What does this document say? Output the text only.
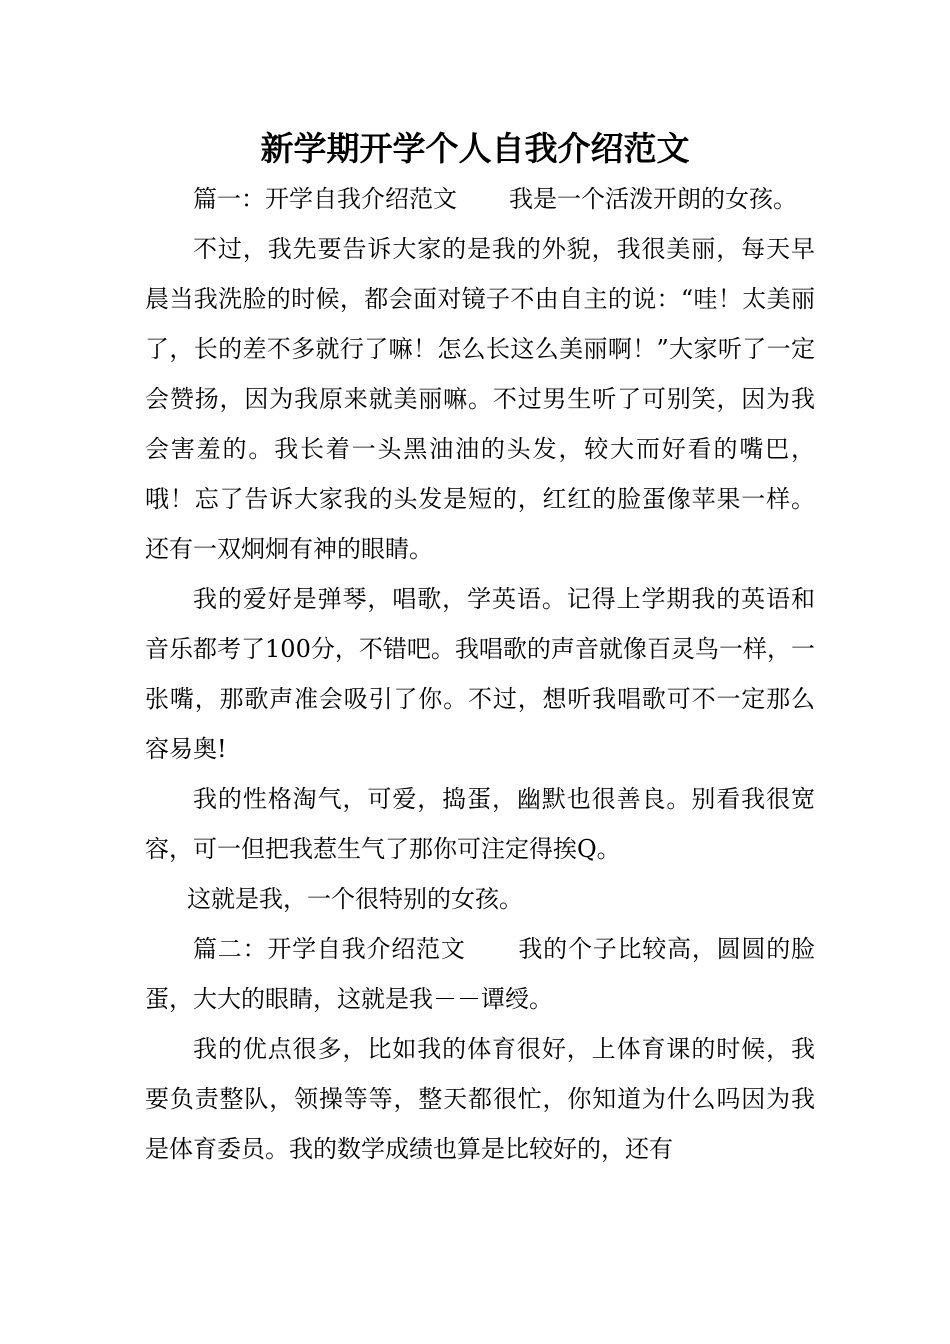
新学期开学个人自我介绍范文

篇一：开学自我介绍范文 我是一个活泼开朗的女孩。

不过，我先要告诉大家的是我的外貌，我很美丽，每天早晨当我洗脸的时候，都会面对镜子不由自主的说：“哇！太美丽了，长的差不多就行了嘛！怎么长这么美丽啊！”大家听了一定会赞扬，因为我原来就美丽嘛。不过男生听了可别笑，因为我会害羞的。我长着一头黑油油的头发，较大而好看的嘴巴，哦！忘了告诉大家我的头发是短的，红红的脸蛋像苹果一样。还有一双炯炯有神的眼睛。

我的爱好是弹琴，唱歌，学英语。记得上学期我的英语和音乐都考了100分，不错吧。我唱歌的声音就像百灵鸟一样，一张嘴，那歌声准会吸引了你。不过，想听我唱歌可不一定那么容易奥!

我的性格淘气，可爱，捣蛋，幽默也很善良。别看我很宽容，可一但把我惹生气了那你可注定得挨Q。

这就是我，一个很特别的女孩。

篇二：开学自我介绍范文 我的个子比较高，圆圆的脸蛋，大大的眼睛，这就是我－－谭绶。

我的优点很多，比如我的体育很好，上体育课的时候，我要负责整队，领操等等，整天都很忙，你知道为什么吗因为我是体育委员。我的数学成绩也算是比较好的，还有
